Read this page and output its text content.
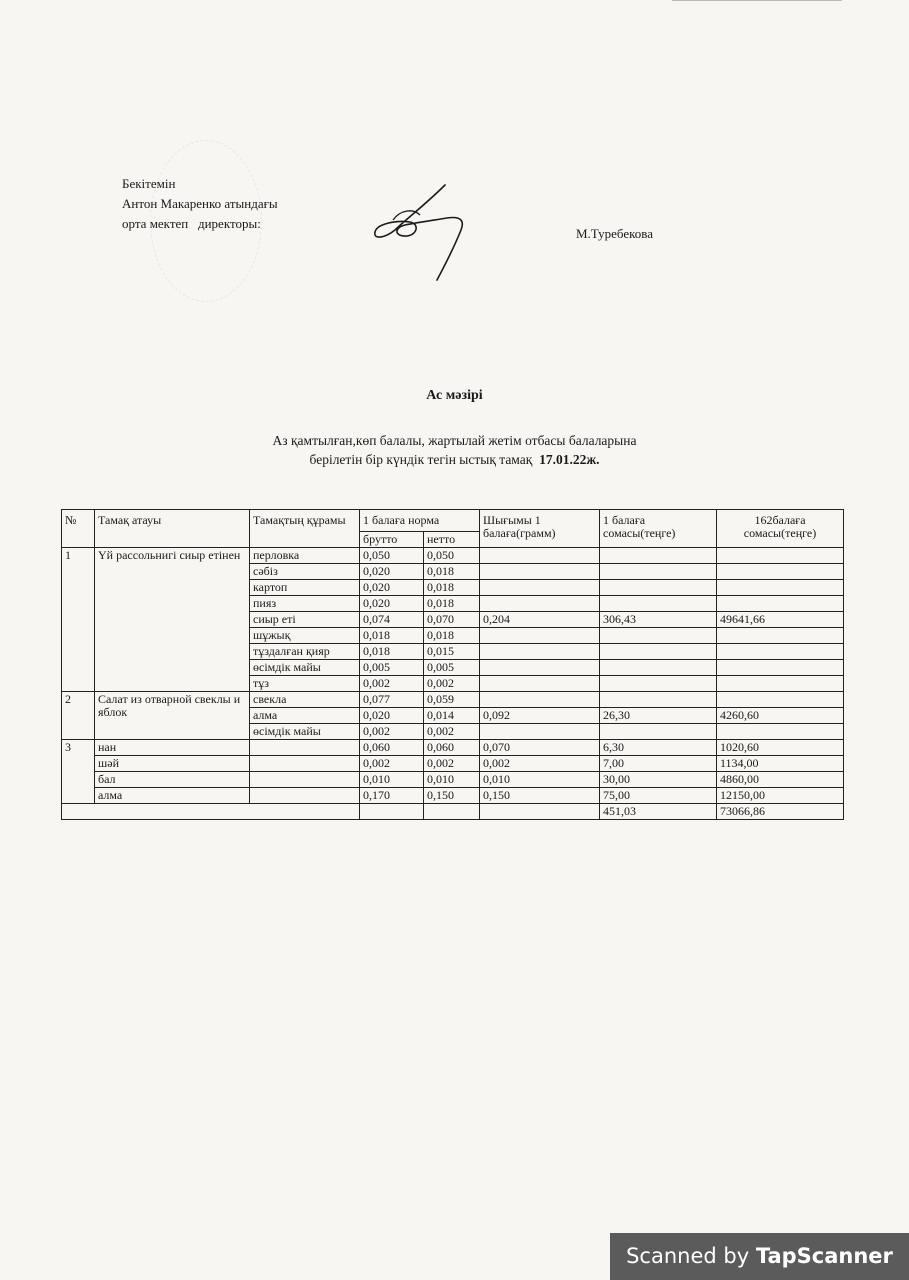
Бекітемін
Антон Макаренко атындағы
орта мектеп   директоры:
М.Туребекова
Ас мәзірі
Аз қамтылған,көп балалы, жартылай жетім отбасы балаларына
берілетін бір күндік тегін ыстық тамақ 17.01.22ж.
№	Тамақ атауы	Тамақтың құрамы	1 балаға норма		Шығымы 1 балаға(грамм)	1 балаға сомасы(теңге)	162балаға сомасы(теңге)
			брутто	нетто			
1	Үй рассольнигі сиыр етінен	перловка	0,050	0,050			
		сәбіз	0,020	0,018			
		картоп	0,020	0,018			
		пияз	0,020	0,018			
		сиыр еті	0,074	0,070	0,204	306,43	49641,66
		шұжық	0,018	0,018			
		тұздалған қияр	0,018	0,015			
		өсімдік майы	0,005	0,005			
		тұз	0,002	0,002			
2	Салат из отварной свеклы и яблок	свекла	0,077	0,059			
		алма	0,020	0,014	0,092	26,30	4260,60
		өсімдік майы	0,002	0,002			
3	нан		0,060	0,060	0,070	6,30	1020,60
	шәй		0,002	0,002	0,002	7,00	1134,00
	бал		0,010	0,010	0,010	30,00	4860,00
	алма		0,170	0,150	0,150	75,00	12150,00
						451,03	73066,86
Scanned by TapScanner
